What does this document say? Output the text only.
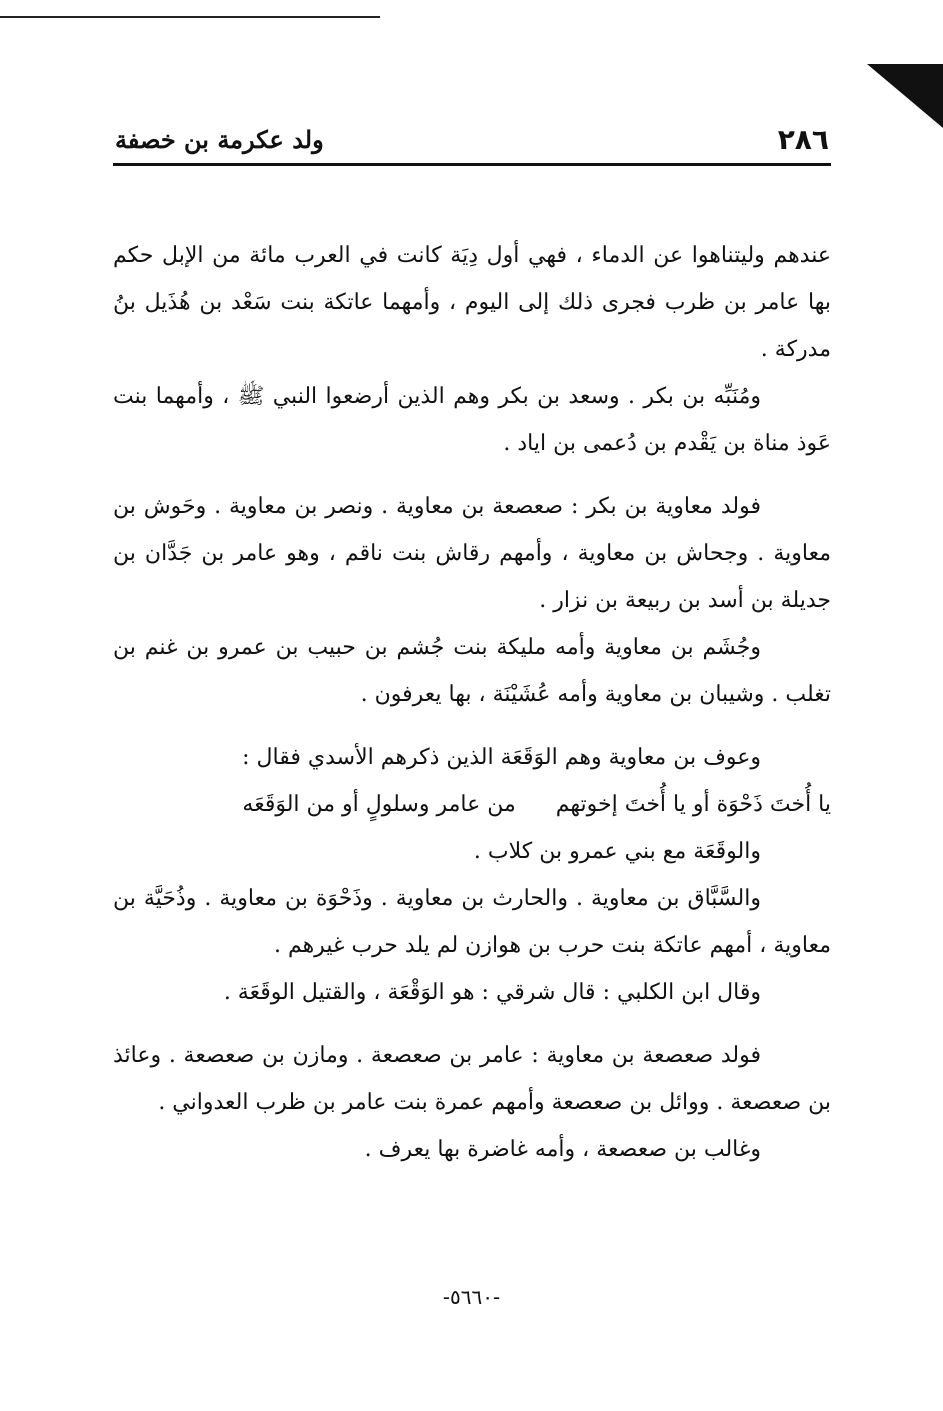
٢٨٦
ولد عكرمة بن خصفة

عندهم وليتناهوا عن الدماء ، فهي أول دِيَة كانت في العرب مائة من الإبل حكم بها عامر بن ظرب فجرى ذلك إلى اليوم ، وأمهما عاتكة بنت سَعْد بن هُذَيل بنُ مدركة .

ومُنَبِّه بن بكر . وسعد بن بكر وهم الذين أرضعوا النبي ﷺ ، وأمهما بنت عَوذ مناة بن يَقْدم بن دُعمى بن اياد .

فولد معاوية بن بكر : صعصعة بن معاوية . ونصر بن معاوية . وحَوش بن معاوية . وجحاش بن معاوية ، وأمهم رقاش بنت ناقم ، وهو عامر بن جَدَّان بن جديلة بن أسد بن ربيعة بن نزار .

وجُشَم بن معاوية وأمه مليكة بنت جُشم بن حبيب بن عمرو بن غنم بن تغلب . وشيبان بن معاوية وأمه عُشَيْنَة ، بها يعرفون .

وعوف بن معاوية وهم الوَقَعَة الذين ذكرهم الأسدي فقال :

يا أُختَ ذَحْوَة أو يا أُختَ إخوتهممن عامر وسلولٍ أو من الوَقَعَه

والوقَعَة مع بني عمرو بن كلاب .

والسَّبَّاق بن معاوية . والحارث بن معاوية . وذَحْوَة بن معاوية . وذُحَيَّة بن معاوية ، أمهم عاتكة بنت حرب بن هوازن لم يلد حرب غيرهم .

وقال ابن الكلبي : قال شرقي : هو الوَقْعَة ، والقتيل الوقَعَة .

فولد صعصعة بن معاوية : عامر بن صعصعة . ومازن بن صعصعة . وعائذ بن صعصعة . ووائل بن صعصعة وأمهم عمرة بنت عامر بن ظرب العدواني .

وغالب بن صعصعة ، وأمه غاضرة بها يعرف .

-٥٦٦٠-
